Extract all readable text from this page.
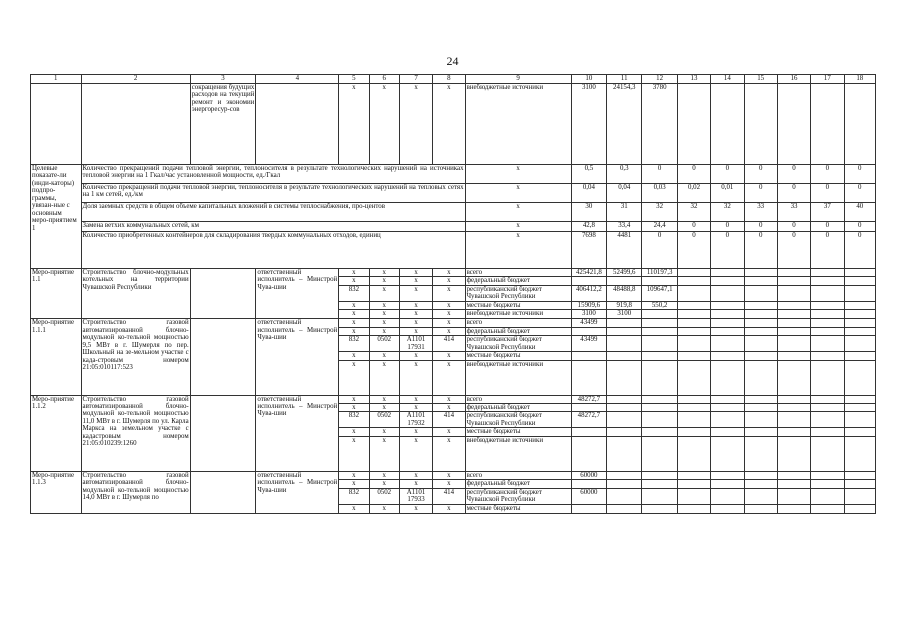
24
1	2	3	4	5	6	7	8	9	10	11	12	13	14	15	16	17	18
		сокращения будущих расходов на текущий ремонт и экономии энергоресур-сов		x	x	x	x	внебюджетные источники	3100	24154,3	3780						
Целевые показате-ли (инди-каторы) подпро-граммы, увязан-ные с основным меро-приятием 1	Количество прекращений подачи тепловой энергии, теплоносителя в результате технологических нарушений на источниках тепловой энергии на 1 Гкал/час установленной мощности, ед./Гкал							x	0,5	0,3	0	0	0	0	0	0	0
	Количество прекращений подачи тепловой энергии, теплоносителя в результате технологических нарушений на тепловых сетях на 1 км сетей, ед./км							x	0,04	0,04	0,03	0,02	0,01	0	0	0	0
	Доля заемных средств в общем объеме капитальных вложений в системы теплоснабжения, про-центов							x	30	31	32	32	32	33	33	37	40
	Замена ветхих коммунальных сетей, км							x	42,8	33,4	24,4	0	0	0	0	0	0
	Количество приобретенных контейнеров для складирования твердых коммунальных отходов, единиц							x	7698	4481	0	0	0	0	0	0	0
Меро-приятие 1.1	Строительство блочно-модульных котельных на территории Чувашской Республики		ответственный исполнитель – Минстрой Чува-шии	x	x	x	x	всего	425421,8	52499,6	110197,3						
				x	x	x	x	федеральный бюджет									
				832	x	x	x	республиканский бюджет Чувашской Республики	406412,2	48488,8	109647,1						
				x	x	x	x	местные бюджеты	15909,6	919,8	550,2						
				x	x	x	x	внебюджетные источники	3100	3100							
Меро-приятие 1.1.1	Строительство газовой автоматизированной блочно-модульной ко-тельной мощностью 9,5 МВт в г. Шумерля по пер. Школьный на зе-мельном участке с када-стровым номером 21:05:010117:523		ответственный исполнитель – Минстрой Чува-шии	x	x	x	x	всего	43499								
				x	x	x	x	федеральный бюджет									
				832	0502	А1101 17931	414	республиканский бюджет Чувашской Республики	43499								
				x	x	x	x	местные бюджеты									
				x	x	x	x	внебюджетные источники									
Меро-приятие 1.1.2	Строительство газовой автоматизированной блочно-модульной ко-тельной мощностью 11,0 МВт в г. Шумерля по ул. Карла Маркса на земельном участке с кадастровым номером 21:05:010239:1260		ответственный исполнитель – Минстрой Чува-шии	x	x	x	x	всего	48272,7								
				x	x	x	x	федеральный бюджет									
				832	0502	А1101 17932	414	республиканский бюджет Чувашской Республики	48272,7								
				x	x	x	x	местные бюджеты									
				x	x	x	x	внебюджетные источники									
Меро-приятие 1.1.3	Строительство газовой автоматизированной блочно-модульной ко-тельной мощностью 14,0 МВт в г. Шумерля по		ответственный исполнитель – Минстрой Чува-шии	x	x	x	x	всего	60000								
				x	x	x	x	федеральный бюджет									
				832	0502	А1101 17933	414	республиканский бюджет Чувашской Республики	60000								
				x	x	x	x	местные бюджеты									
